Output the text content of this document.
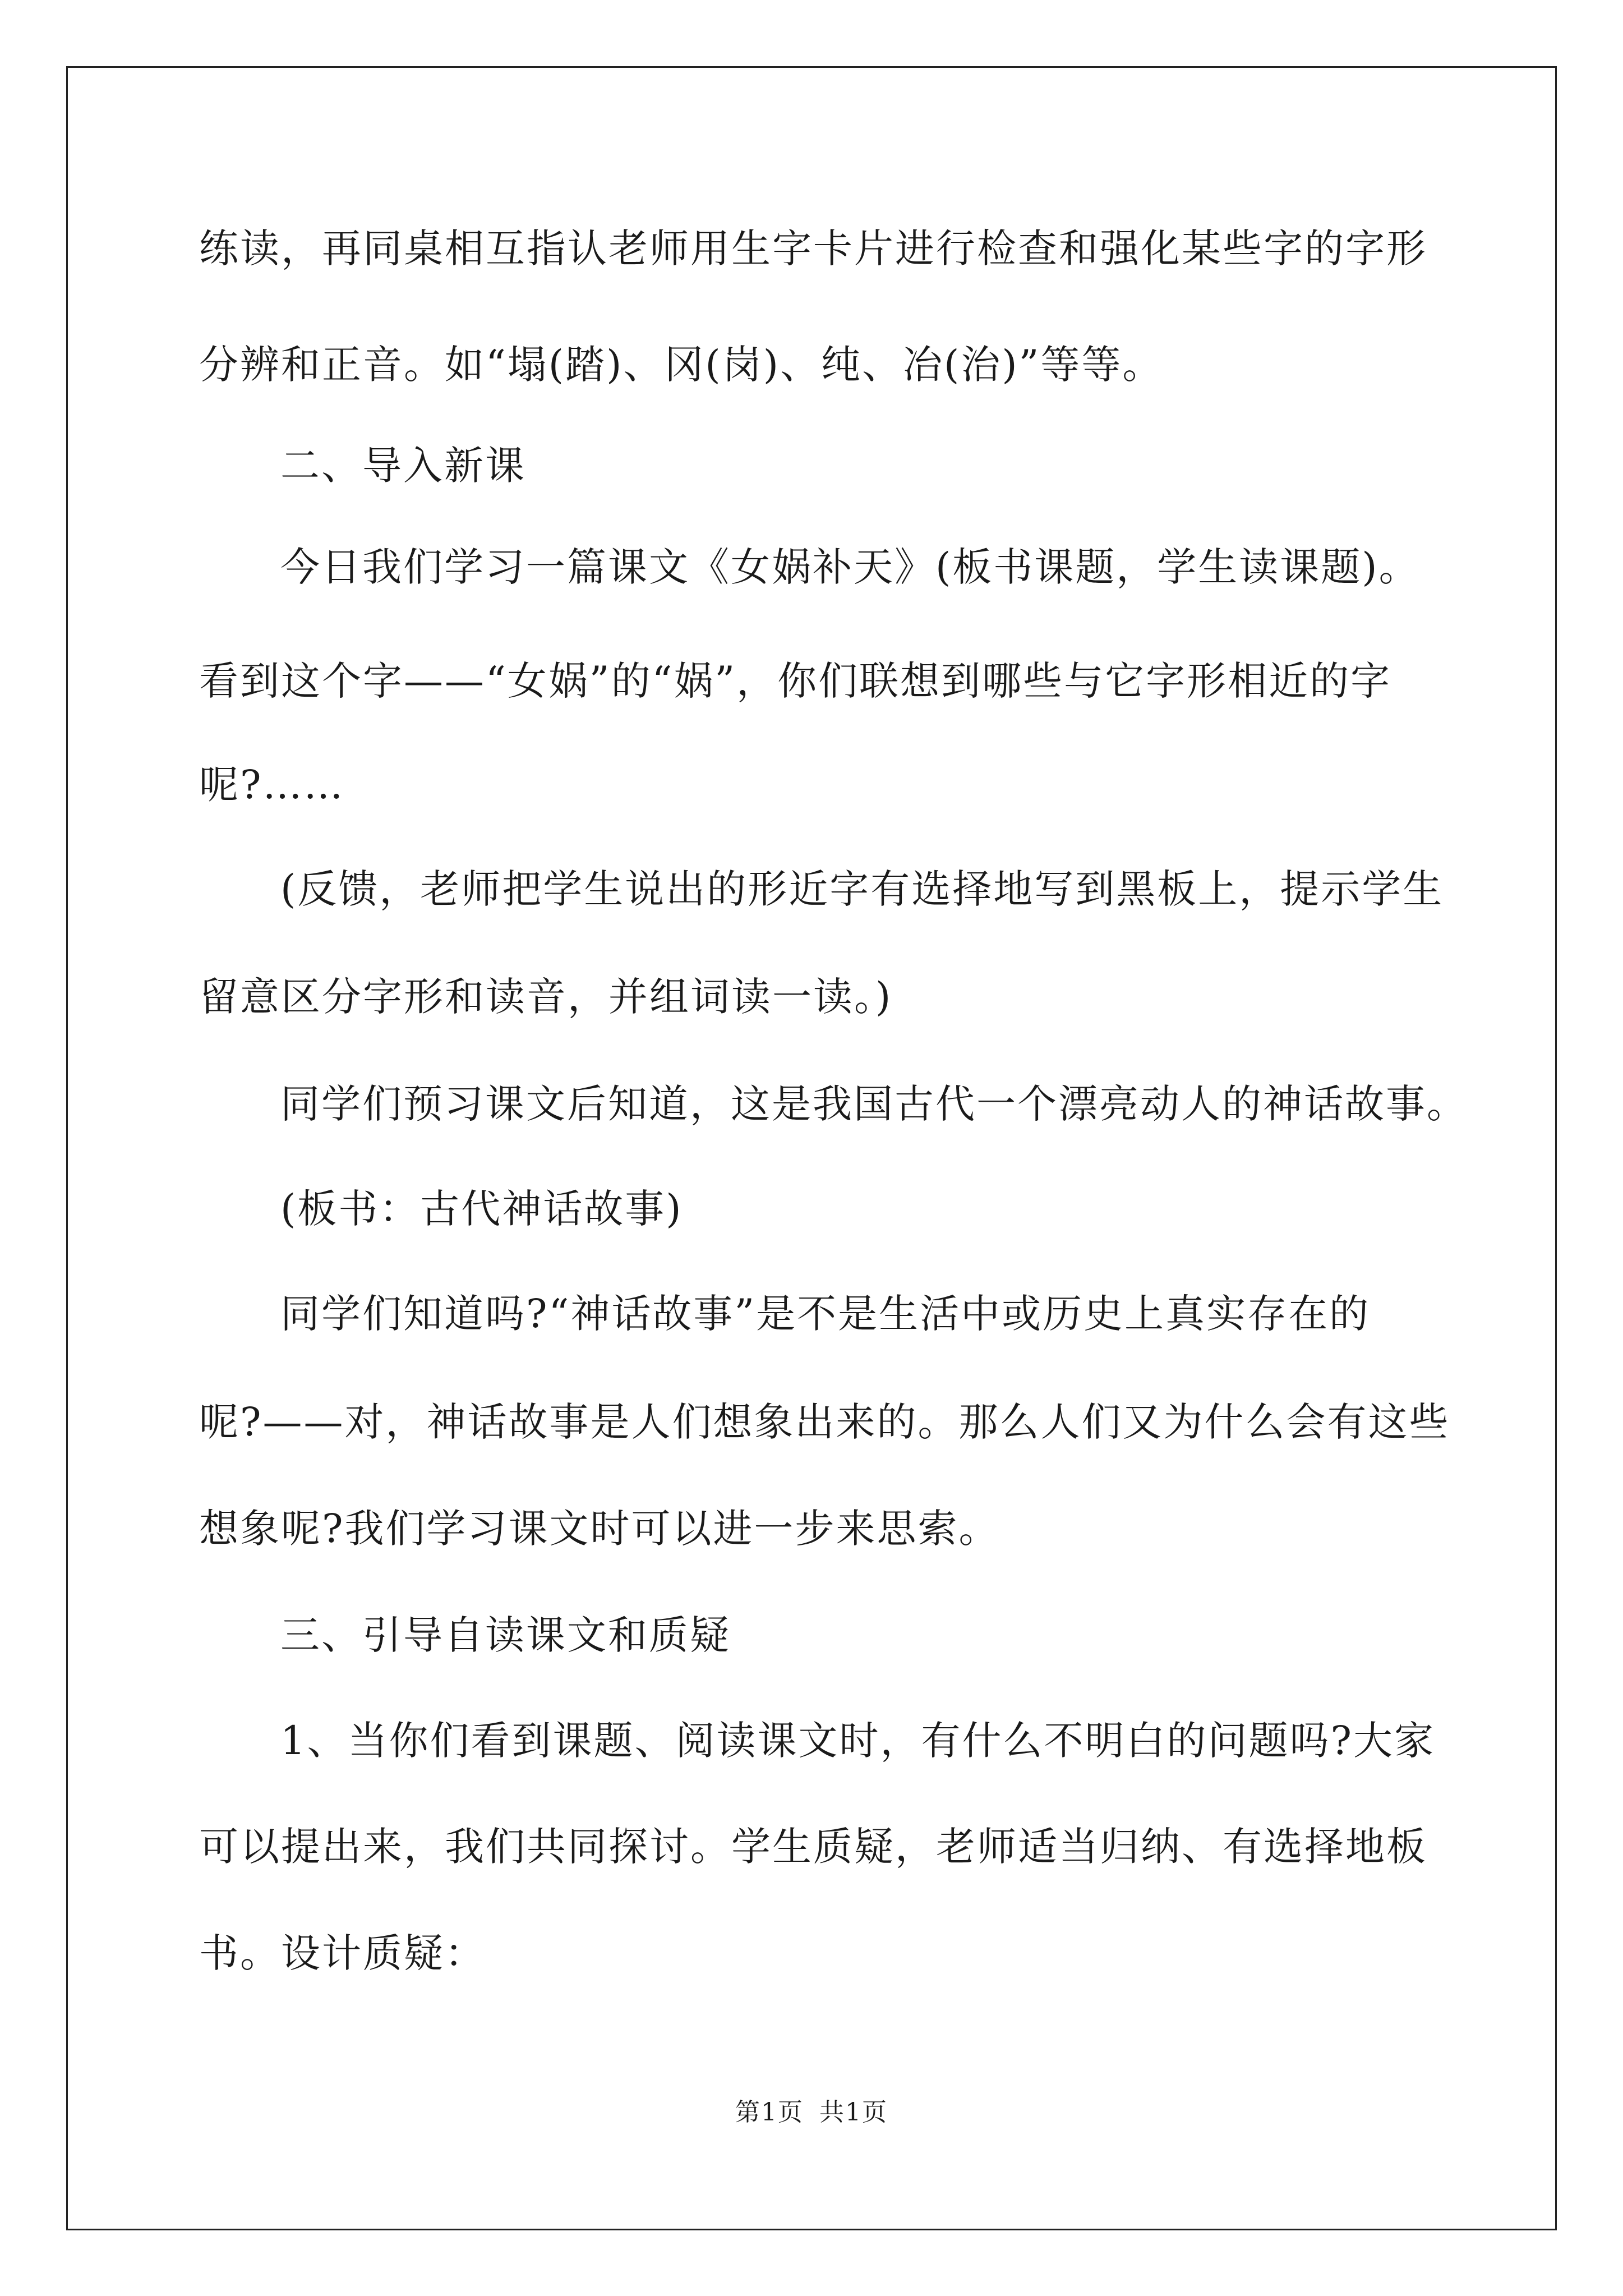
练读，再同桌相互指认老师用生字卡片进行检查和强化某些字的字形
分辨和正音。如“塌(踏)、冈(岗)、纯、冶(治)”等等。
二、导入新课
今日我们学习一篇课文《女娲补天》(板书课题，学生读课题)。
看到这个字——“女娲”的“娲”，你们联想到哪些与它字形相近的字
呢?……
(反馈，老师把学生说出的形近字有选择地写到黑板上，提示学生
留意区分字形和读音，并组词读一读。)
同学们预习课文后知道，这是我国古代一个漂亮动人的神话故事。
(板书：古代神话故事)
同学们知道吗?“神话故事”是不是生活中或历史上真实存在的
呢?——对，神话故事是人们想象出来的。那么人们又为什么会有这些
想象呢?我们学习课文时可以进一步来思索。
三、引导自读课文和质疑
1、当你们看到课题、阅读课文时，有什么不明白的问题吗?大家
可以提出来，我们共同探讨。学生质疑，老师适当归纳、有选择地板
书。设计质疑：
第1页 共1页
